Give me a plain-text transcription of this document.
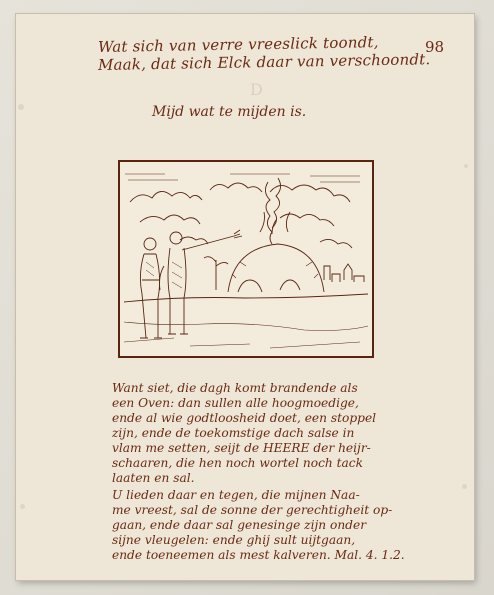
D
98
Wat sich van verre vreeslick toondt,
Maak, dat sich Elck daar van verschoondt.
Mijd wat te mijden is.
Want siet, die dagh komt brandende als
een Oven: dan sullen alle hoogmoedige,
ende al wie godtloosheid doet, een stoppel
zijn, ende de toekomstige dach salse in
vlam me setten, seijt de HEERE der heijr-
schaaren, die hen noch wortel noch tack
laaten en sal.
U lieden daar en tegen, die mijnen Naa-
me vreest, sal de sonne der gerechtigheit op-
gaan, ende daar sal genesinge zijn onder
sijne vleugelen: ende ghij sult uijtgaan,
ende toeneemen als mest kalveren. Mal. 4. 1.2.
